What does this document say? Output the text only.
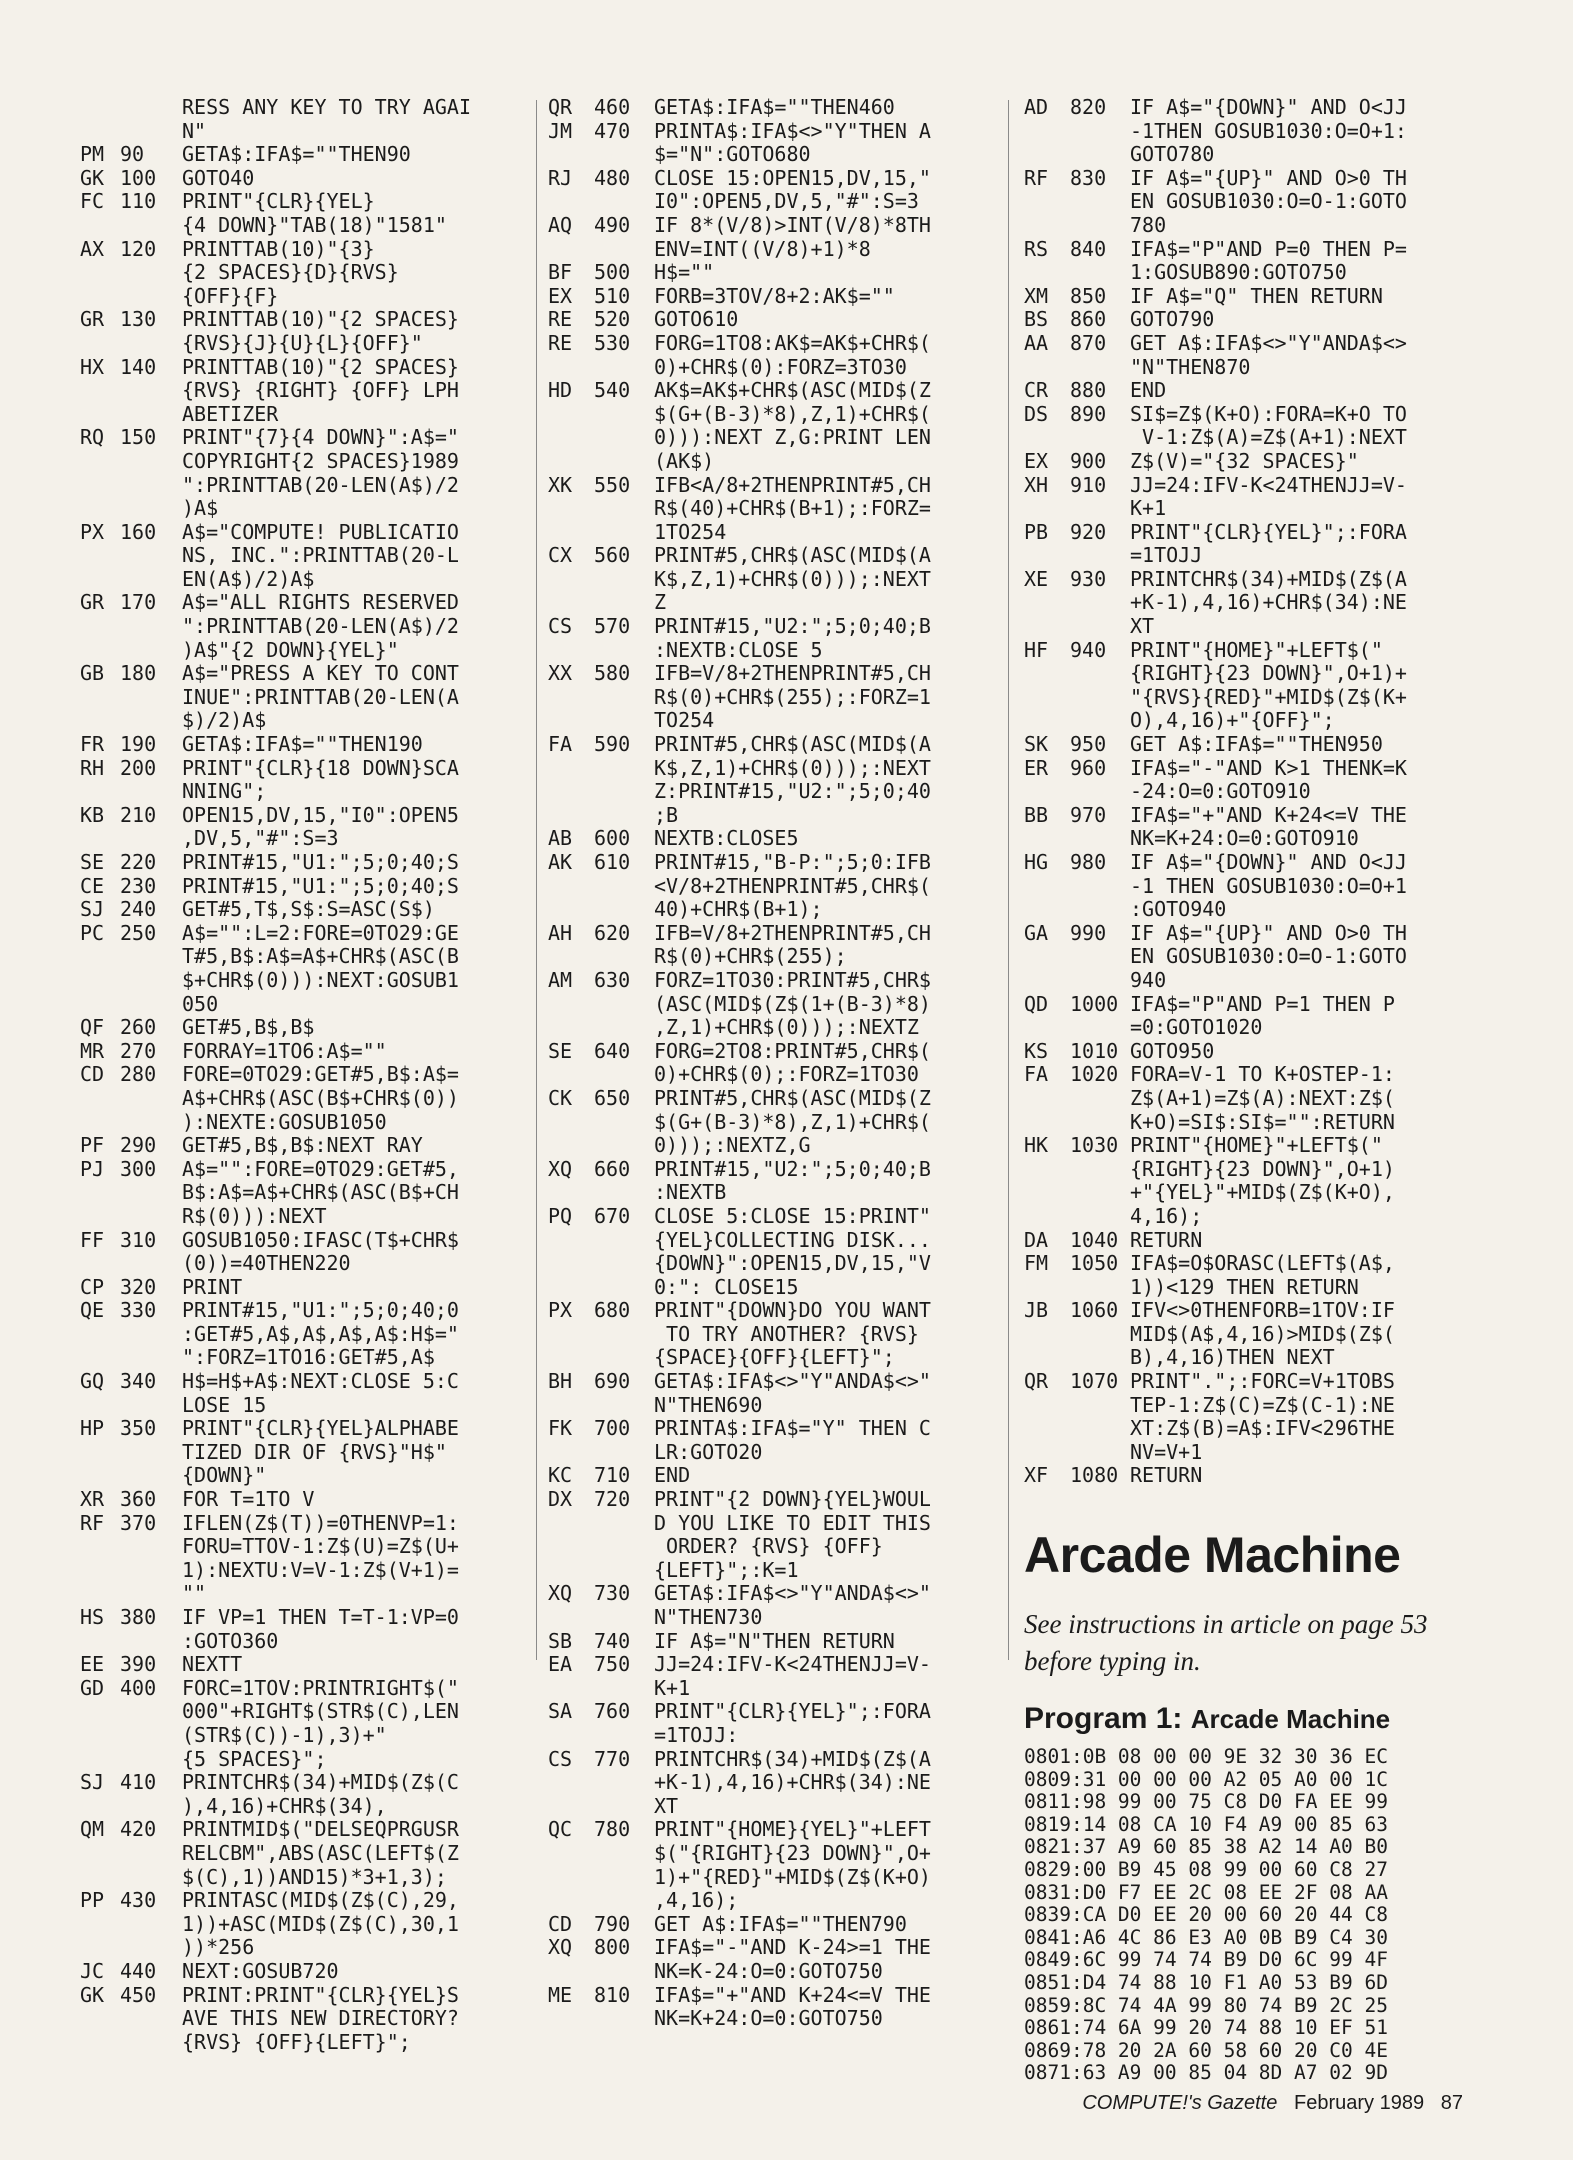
RESS ANY KEY TO TRY AGAI
N"
PM 90	GETA$:IFA$=""THEN90
GK 100	GOTO40
FC 110	PRINT"{CLR}{YEL}
{4 DOWN}"TAB(18)"1581"
AX 120	PRINTTAB(10)"{3}
{2 SPACES}{D}{RVS}
{OFF}{F}
GR 130	PRINTTAB(10)"{2 SPACES}
{RVS}{J}{U}{L}{OFF}"
HX 140	PRINTTAB(10)"{2 SPACES}
{RVS} {RIGHT} {OFF} LPH
ABETIZER
RQ 150	PRINT"{7}{4 DOWN}":A$="
COPYRIGHT{2 SPACES}1989
":PRINTTAB(20-LEN(A$)/2
)A$
PX 160	A$="COMPUTE! PUBLICATIO
NS, INC.":PRINTTAB(20-L
EN(A$)/2)A$
GR 170	A$="ALL RIGHTS RESERVED
":PRINTTAB(20-LEN(A$)/2
)A$"{2 DOWN}{YEL}"
GB 180	A$="PRESS A KEY TO CONT
INUE":PRINTTAB(20-LEN(A
$)/2)A$
FR 190	GETA$:IFA$=""THEN190
RH 200	PRINT"{CLR}{18 DOWN}SCA
NNING";
KB 210	OPEN15,DV,15,"I0":OPEN5
,DV,5,"#":S=3
SE 220	PRINT#15,"U1:";5;0;40;S
CE 230	PRINT#15,"U1:";5;0;40;S
SJ 240	GET#5,T$,S$:S=ASC(S$)
PC 250	A$="":L=2:FORE=0TO29:GE
T#5,B$:A$=A$+CHR$(ASC(B
$+CHR$(0))):NEXT:GOSUB1
050
QF 260	GET#5,B$,B$
MR 270	FORRAY=1TO6:A$=""
CD 280	FORE=0TO29:GET#5,B$:A$=
A$+CHR$(ASC(B$+CHR$(0))
):NEXTE:GOSUB1050
PF 290	GET#5,B$,B$:NEXT RAY
PJ 300	A$="":FORE=0TO29:GET#5,
B$:A$=A$+CHR$(ASC(B$+CH
R$(0))):NEXT
FF 310	GOSUB1050:IFASC(T$+CHR$
(0))=40THEN220
CP 320	PRINT
QE 330	PRINT#15,"U1:";5;0;40;0
:GET#5,A$,A$,A$,A$:H$="
":FORZ=1TO16:GET#5,A$
GQ 340	H$=H$+A$:NEXT:CLOSE 5:C
LOSE 15
HP 350	PRINT"{CLR}{YEL}ALPHABE
TIZED DIR OF {RVS}"H$"
{DOWN}"
XR 360	FOR T=1TO V
RF 370	IFLEN(Z$(T))=0THENVP=1:
FORU=TTOV-1:Z$(U)=Z$(U+
1):NEXTU:V=V-1:Z$(V+1)=
""
HS 380	IF VP=1 THEN T=T-1:VP=0
:GOTO360
EE 390	NEXTT
GD 400	FORC=1TOV:PRINTRIGHT$("
000"+RIGHT$(STR$(C),LEN
(STR$(C))-1),3)+"
{5 SPACES}";
SJ 410	PRINTCHR$(34)+MID$(Z$(C
),4,16)+CHR$(34),
QM 420	PRINTMID$("DELSEQPRGUSR
RELCBM",ABS(ASC(LEFT$(Z
$(C),1))AND15)*3+1,3);
PP 430	PRINTASC(MID$(Z$(C),29,
1))+ASC(MID$(Z$(C),30,1
))*256
JC 440	NEXT:GOSUB720
GK 450	PRINT:PRINT"{CLR}{YEL}S
AVE THIS NEW DIRECTORY?
{RVS} {OFF}{LEFT}";
QR	460	GETA$:IFA$=""THEN460
JM	470	PRINTA$:IFA$<>"Y"THEN A
$="N":GOTO680
RJ	480	CLOSE 15:OPEN15,DV,15,"
I0":OPEN5,DV,5,"#":S=3
AQ	490	IF 8*(V/8)>INT(V/8)*8TH
ENV=INT((V/8)+1)*8
BF	500	H$=""
EX	510	FORB=3TOV/8+2:AK$=""
RE	520	GOTO610
RE	530	FORG=1TO8:AK$=AK$+CHR$(
0)+CHR$(0):FORZ=3TO30
HD	540	AK$=AK$+CHR$(ASC(MID$(Z
$(G+(B-3)*8),Z,1)+CHR$(
0))):NEXT Z,G:PRINT LEN
(AK$)
XK	550	IFB<A/8+2THENPRINT#5,CH
R$(40)+CHR$(B+1);:FORZ=
1TO254
CX	560	PRINT#5,CHR$(ASC(MID$(A
K$,Z,1)+CHR$(0)));:NEXT
Z
CS	570	PRINT#15,"U2:";5;0;40;B
:NEXTB:CLOSE 5
XX	580	IFB=V/8+2THENPRINT#5,CH
R$(0)+CHR$(255);:FORZ=1
TO254
FA	590	PRINT#5,CHR$(ASC(MID$(A
K$,Z,1)+CHR$(0)));:NEXT
Z:PRINT#15,"U2:";5;0;40
;B
AB	600	NEXTB:CLOSE5
AK	610	PRINT#15,"B-P:";5;0:IFB
<V/8+2THENPRINT#5,CHR$(
40)+CHR$(B+1);
AH	620	IFB=V/8+2THENPRINT#5,CH
R$(0)+CHR$(255);
AM	630	FORZ=1TO30:PRINT#5,CHR$
(ASC(MID$(Z$(1+(B-3)*8)
,Z,1)+CHR$(0)));:NEXTZ
SE	640	FORG=2TO8:PRINT#5,CHR$(
0)+CHR$(0);:FORZ=1TO30
CK	650	PRINT#5,CHR$(ASC(MID$(Z
$(G+(B-3)*8),Z,1)+CHR$(
0)));:NEXTZ,G
XQ	660	PRINT#15,"U2:";5;0;40;B
:NEXTB
PQ	670	CLOSE 5:CLOSE 15:PRINT"
{YEL}COLLECTING DISK...
{DOWN}":OPEN15,DV,15,"V
0:": CLOSE15
PX	680	PRINT"{DOWN}DO YOU WANT
TO TRY ANOTHER? {RVS}
{SPACE}{OFF}{LEFT}";
BH	690	GETA$:IFA$<>"Y"ANDA$<>"
N"THEN690
FK	700	PRINTA$:IFA$="Y" THEN C
LR:GOTO20
KC	710	END
DX	720	PRINT"{2 DOWN}{YEL}WOUL
D YOU LIKE TO EDIT THIS
ORDER? {RVS} {OFF}
{LEFT}";:K=1
XQ	730	GETA$:IFA$<>"Y"ANDA$<>"
N"THEN730
SB	740	IF A$="N"THEN RETURN
EA	750	JJ=24:IFV-K<24THENJJ=V-
K+1
SA	760	PRINT"{CLR}{YEL}";:FORA
=1TOJJ:
CS	770	PRINTCHR$(34)+MID$(Z$(A
+K-1),4,16)+CHR$(34):NE
XT
QC	780	PRINT"{HOME}{YEL}"+LEFT
$("{RIGHT}{23 DOWN}",O+
1)+"{RED}"+MID$(Z$(K+O)
,4,16);
CD	790	GET A$:IFA$=""THEN790
XQ	800	IFA$="-"AND K-24>=1 THE
NK=K-24:O=0:GOTO750
ME	810	IFA$="+"AND K+24<=V THE
NK=K+24:O=0:GOTO750
AD	820	IF A$="{DOWN}" AND O<JJ
-1THEN GOSUB1030:O=O+1:
GOTO780
RF	830	IF A$="{UP}" AND O>0 TH
EN GOSUB1030:O=O-1:GOTO
780
RS	840	IFA$="P"AND P=0 THEN P=
1:GOSUB890:GOTO750
XM	850	IF A$="Q" THEN RETURN
BS	860	GOTO790
AA	870	GET A$:IFA$<>"Y"ANDA$<>
"N"THEN870
CR	880	END
DS	890	SI$=Z$(K+O):FORA=K+O TO
V-1:Z$(A)=Z$(A+1):NEXT
EX	900	Z$(V)="{32 SPACES}"
XH	910	JJ=24:IFV-K<24THENJJ=V-
K+1
PB	920	PRINT"{CLR}{YEL}";:FORA
=1TOJJ
XE	930	PRINTCHR$(34)+MID$(Z$(A
+K-1),4,16)+CHR$(34):NE
XT
HF	940	PRINT"{HOME}"+LEFT$("
{RIGHT}{23 DOWN}",O+1)+
"{RVS}{RED}"+MID$(Z$(K+
O),4,16)+"{OFF}";
SK	950	GET A$:IFA$=""THEN950
ER	960	IFA$="-"AND K>1 THENK=K
-24:O=0:GOTO910
BB	970	IFA$="+"AND K+24<=V THE
NK=K+24:O=0:GOTO910
HG	980	IF A$="{DOWN}" AND O<JJ
-1 THEN GOSUB1030:O=O+1
:GOTO940
GA	990	IF A$="{UP}" AND O>0 TH
EN GOSUB1030:O=O-1:GOTO
940
QD	1000 IFA$="P"AND P=1 THEN P
=0:GOTO1020
KS	1010 GOTO950
FA	1020 FORA=V-1 TO K+OSTEP-1:
Z$(A+1)=Z$(A):NEXT:Z$(
K+O)=SI$:SI$="":RETURN
HK	1030 PRINT"{HOME}"+LEFT$("
{RIGHT}{23 DOWN}",O+1)
+"{YEL}"+MID$(Z$(K+O),
4,16);
DA	1040 RETURN
FM	1050 IFA$=O$ORASC(LEFT$(A$,
1))<129 THEN RETURN
JB	1060 IFV<>0THENFORB=1TOV:IF
MID$(A$,4,16)>MID$(Z$(
B),4,16)THEN NEXT
QR	1070 PRINT".";:FORC=V+1TOBS
TEP-1:Z$(C)=Z$(C-1):NE
XT:Z$(B)=A$:IFV<296THE
NV=V+1
XF	1080 RETURN
Arcade Machine
See instructions in article on page 53 before typing in.
Program 1: Arcade Machine
0801:0B 08 00 00 9E 32 30 36 EC
0809:31 00 00 00 A2 05 A0 00 1C
0811:98 99 00 75 C8 D0 FA EE 99
0819:14 08 CA 10 F4 A9 00 85 63
0821:37 A9 60 85 38 A2 14 A0 B0
0829:00 B9 45 08 99 00 60 C8 27
0831:D0 F7 EE 2C 08 EE 2F 08 AA
0839:CA D0 EE 20 00 60 20 44 C8
0841:A6 4C 86 E3 A0 0B B9 C4 30
0849:6C 99 74 74 B9 D0 6C 99 4F
0851:D4 74 88 10 F1 A0 53 B9 6D
0859:8C 74 4A 99 80 74 B9 2C 25
0861:74 6A 99 20 74 88 10 EF 51
0869:78 20 2A 60 58 60 20 C0 4E
0871:63 A9 00 85 04 8D A7 02 9D
COMPUTE!'s Gazette February 1989 87
